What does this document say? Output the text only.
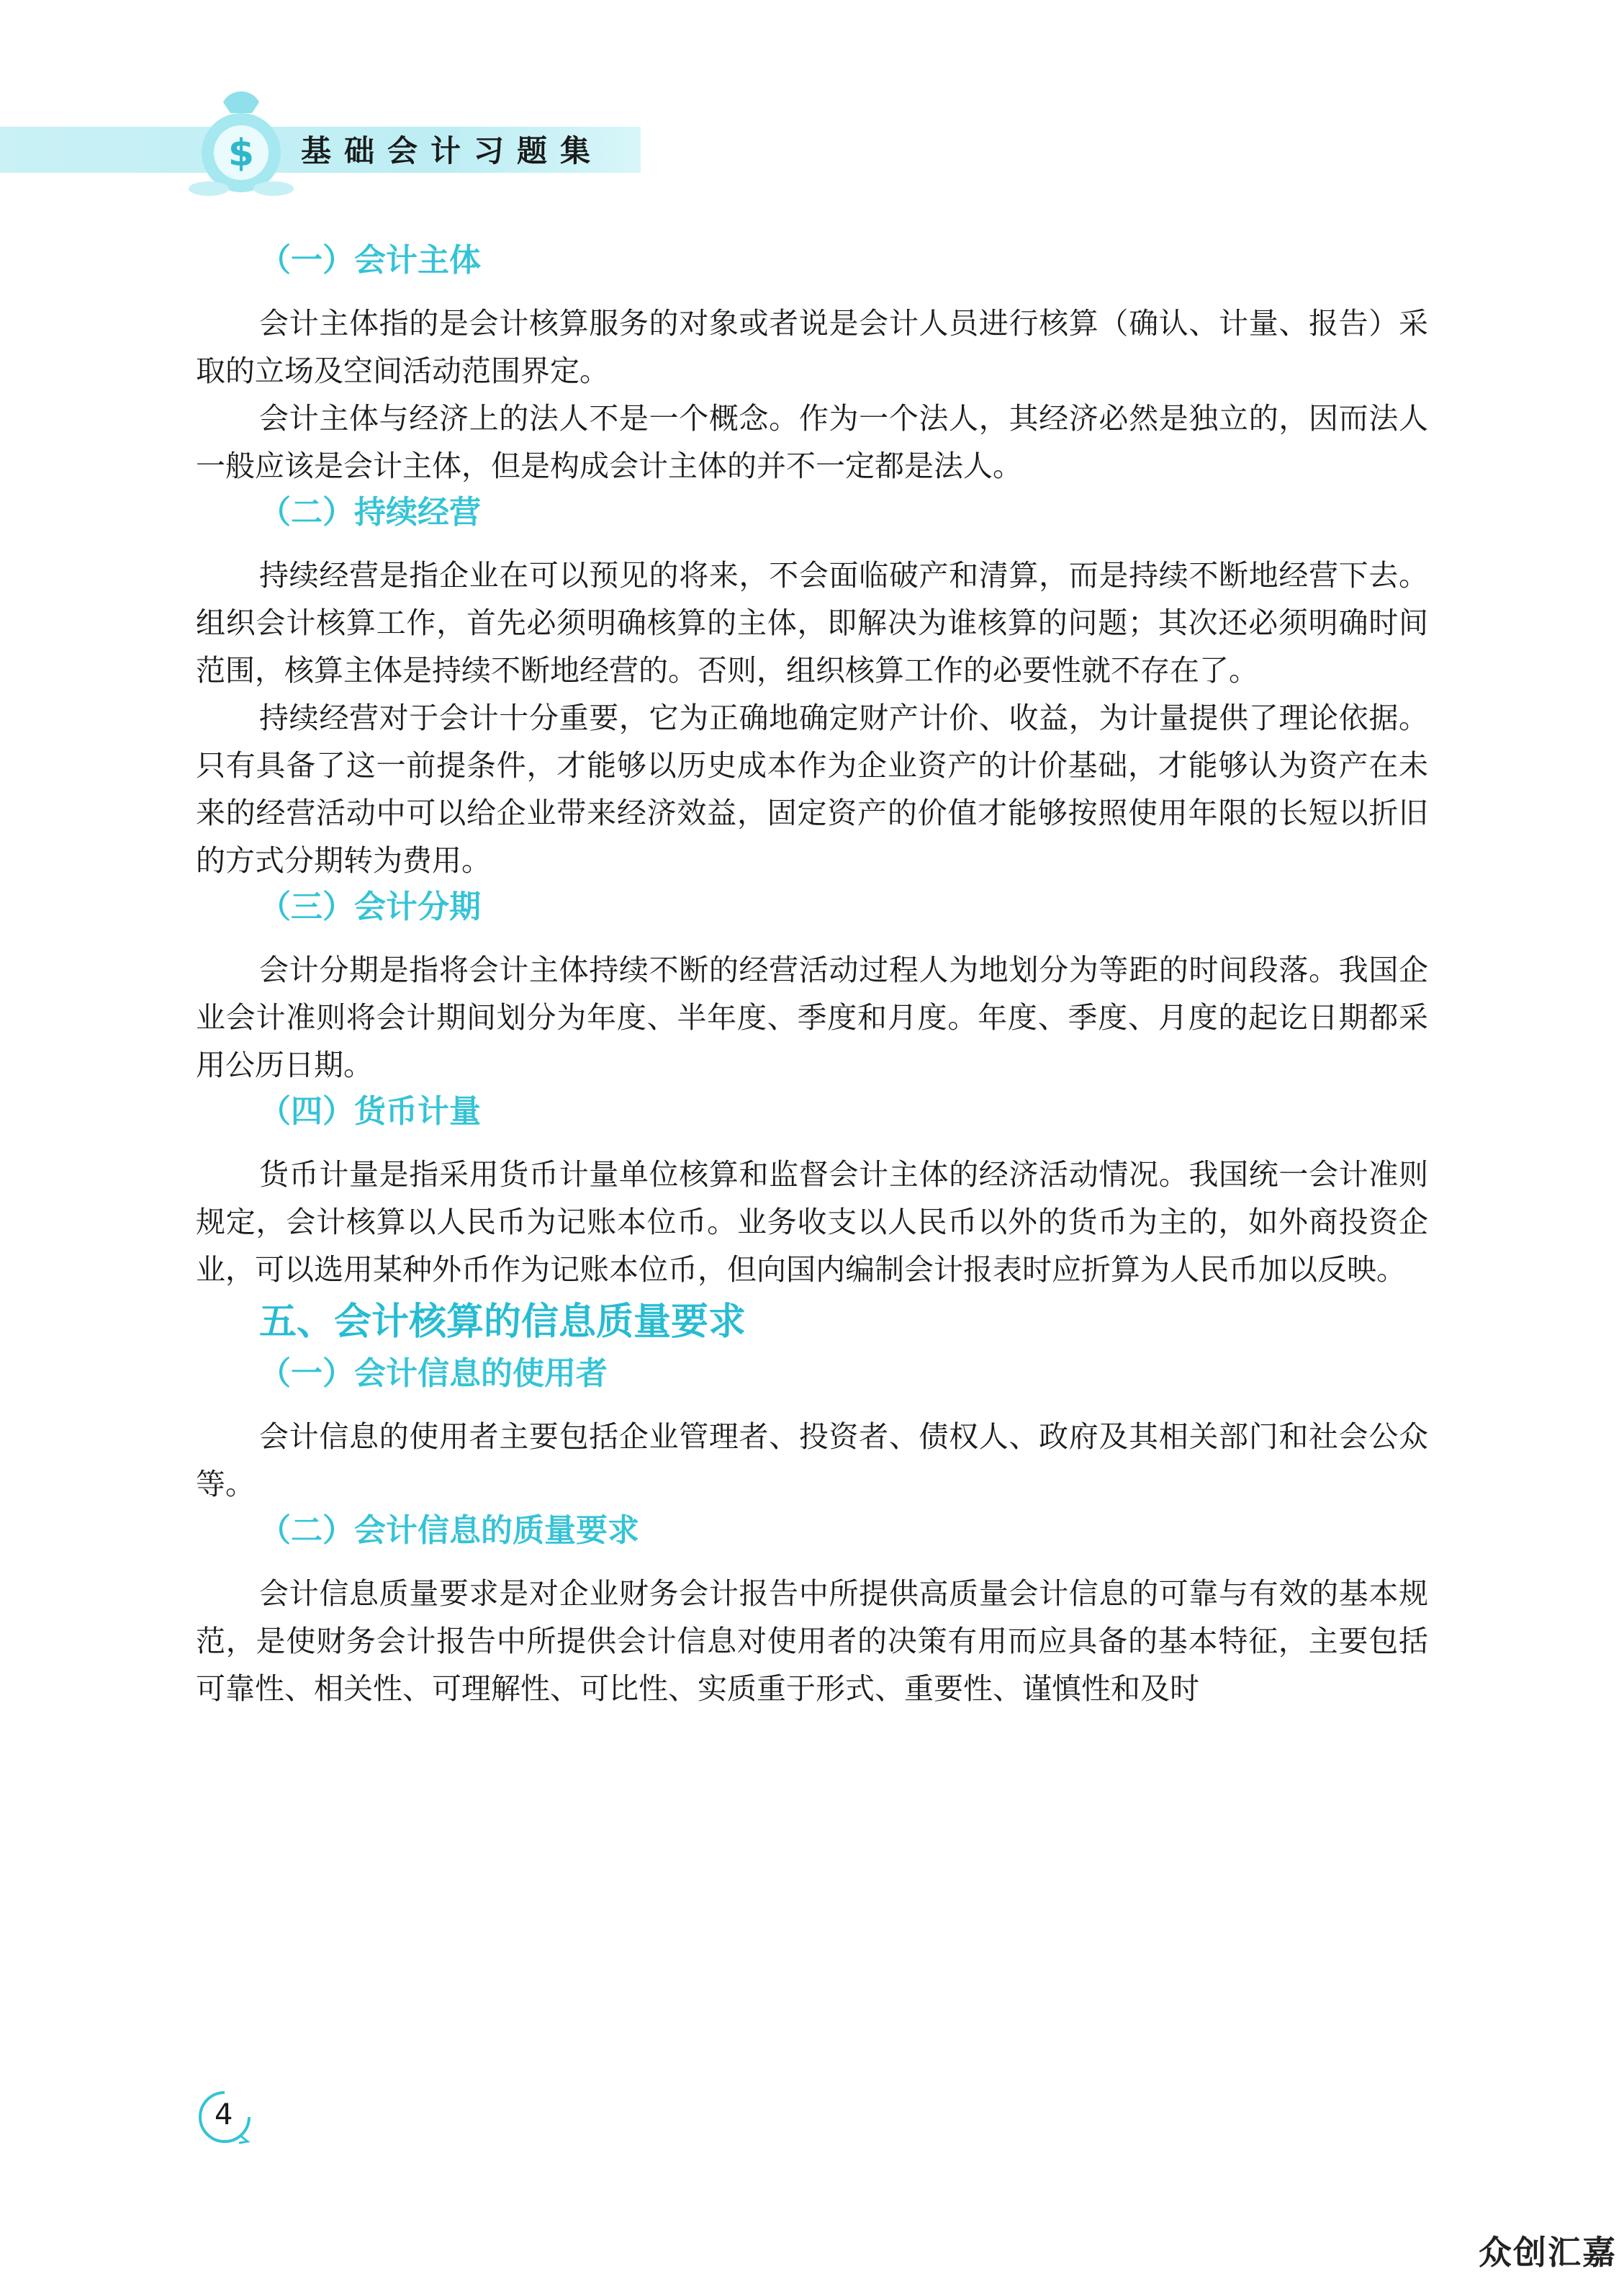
$ 基础会计习题集
（一）会计主体

会计主体指的是会计核算服务的对象或者说是会计人员进行核算（确认、计量、报告）采取的立场及空间活动范围界定。

会计主体与经济上的法人不是一个概念。作为一个法人，其经济必然是独立的，因而法人一般应该是会计主体，但是构成会计主体的并不一定都是法人。

（二）持续经营

持续经营是指企业在可以预见的将来，不会面临破产和清算，而是持续不断地经营下去。组织会计核算工作，首先必须明确核算的主体，即解决为谁核算的问题；其次还必须明确时间范围，核算主体是持续不断地经营的。否则，组织核算工作的必要性就不存在了。

持续经营对于会计十分重要，它为正确地确定财产计价、收益，为计量提供了理论依据。只有具备了这一前提条件，才能够以历史成本作为企业资产的计价基础，才能够认为资产在未来的经营活动中可以给企业带来经济效益，固定资产的价值才能够按照使用年限的长短以折旧的方式分期转为费用。

（三）会计分期

会计分期是指将会计主体持续不断的经营活动过程人为地划分为等距的时间段落。我国企业会计准则将会计期间划分为年度、半年度、季度和月度。年度、季度、月度的起讫日期都采用公历日期。

（四）货币计量

货币计量是指采用货币计量单位核算和监督会计主体的经济活动情况。我国统一会计准则规定，会计核算以人民币为记账本位币。业务收支以人民币以外的货币为主的，如外商投资企业，可以选用某种外币作为记账本位币，但向国内编制会计报表时应折算为人民币加以反映。

五、会计核算的信息质量要求
（一）会计信息的使用者

会计信息的使用者主要包括企业管理者、投资者、债权人、政府及其相关部门和社会公众等。

（二）会计信息的质量要求

会计信息质量要求是对企业财务会计报告中所提供高质量会计信息的可靠与有效的基本规范，是使财务会计报告中所提供会计信息对使用者的决策有用而应具备的基本特征，主要包括可靠性、相关性、可理解性、可比性、实质重于形式、重要性、谨慎性和及时

4
众创汇嘉
